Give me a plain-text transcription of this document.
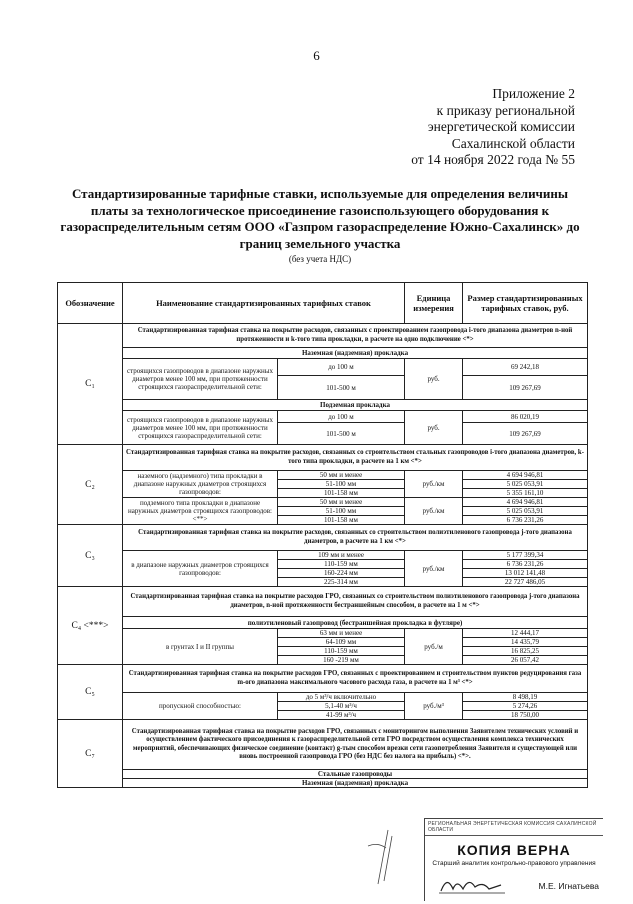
6
Приложение 2
к приказу региональной
энергетической комиссии
Сахалинской области
от 14 ноября 2022 года № 55
Стандартизированные тарифные ставки, используемые для определения величины платы за технологическое присоединение газоиспользующего оборудования к газораспределительным сетям ООО «Газпром газораспределение Южно-Сахалинск» до границ земельного участка
(без учета НДС)
Обозначение	Наименование стандартизированных тарифных ставок		Единица измерения	Размер стандартизированных тарифных ставок, руб.
С₁	Стандартизированная тарифная ставка на покрытие расходов, связанных с проектированием газопровода i-того диапазона диаметров n-ной протяженности и k-того типа прокладки, в расчете на одно подключение <*>			
	Наземная (надземная) прокладка			
	строящихся газопроводов в диапазоне наружных диаметров менее 100 мм, при протяженности строящихся газораспределительной сети:	до 100 м	руб.	69 242,18
		101-500 м		109 267,69
	Подземная прокладка			
	строящихся газопроводов в диапазоне наружных диаметров менее 100 мм, при протяженности строящихся газораспределительной сети:	до 100 м	руб.	86 020,19
		101-500 м		109 267,69
С₂	Стандартизированная тарифная ставка на покрытие расходов, связанных со строительством стальных газопроводов i-того диапазона диаметров, k-того типа прокладки, в расчете на 1 км <*>			
	наземного (надземного) типа прокладки в диапазоне наружных диаметров строящихся газопроводов:	50 мм и менее	руб./км	4 694 946,81
		51-100 мм		5 025 053,91
		101-158 мм		5 355 161,10
	подземного типа прокладки в диапазоне наружных диаметров строящихся газопроводов: <**>	50 мм и менее	руб./км	4 694 946,81
		51-100 мм		5 025 053,91
		101-158 мм		6 736 231,26
С₃	Стандартизированная тарифная ставка на покрытие расходов, связанных со строительством полиэтиленового газопровода j-того диапазона диаметров, в расчете на 1 км <*>			
	в диапазоне наружных диаметров строящихся газопроводов:	109 мм и менее	руб./км	5 177 399,34
		110-159 мм		6 736 231,26
		160-224 мм		13 012 141,48
		225-314 мм		22 727 486,05
С₄ <***>	Стандартизированная тарифная ставка на покрытие расходов ГРО, связанных со строительством полиэтиленового газопровода j-того диапазона диаметров, n-ной протяженности бестраншейным способом, в расчете на 1 м <*>			
	полиэтиленовый газопровод (бестраншейная прокладка в футляре)			
	в грунтах I и II группы	63 мм и менее	руб./м	12 444,17
		64-109 мм		14 435,79
		110-159 мм		16 825,25
		160 -219 мм		26 057,42
С₅	Стандартизированная тарифная ставка на покрытие расходов ГРО, связанных с проектированием и строительством пунктов редуцирования газа m-ого диапазона максимального часового расхода газа, в расчете на 1 м³ <*>			
	пропускной способностью:	до 5 м³/ч включительно	руб./м³	8 498,19
		5,1-40 м³/ч		5 274,26
		41-99 м³/ч		18 750,00
С₇	Стандартизированная тарифная ставка на покрытие расходов ГРО, связанных с мониторингом выполнения Заявителем технических условий и осуществлением фактического присоединения к газораспределительной сети ГРО посредством осуществления комплекса технических мероприятий, обеспечивающих физическое соединение (контакт) g-тым способом врезки сети газопотребления Заявителя и существующей или вновь построенной газопровода ГРО (без НДС без налога на прибыль) <*>.			
	Стальные газопроводы			
	Наземная (надземная) прокладка			
РЕГИОНАЛЬНАЯ ЭНЕРГЕТИЧЕСКАЯ КОМИССИЯ САХАЛИНСКОЙ ОБЛАСТИ
КОПИЯ ВЕРНА
Старший аналитик контрольно-правового управления
М.Е. Игнатьева
